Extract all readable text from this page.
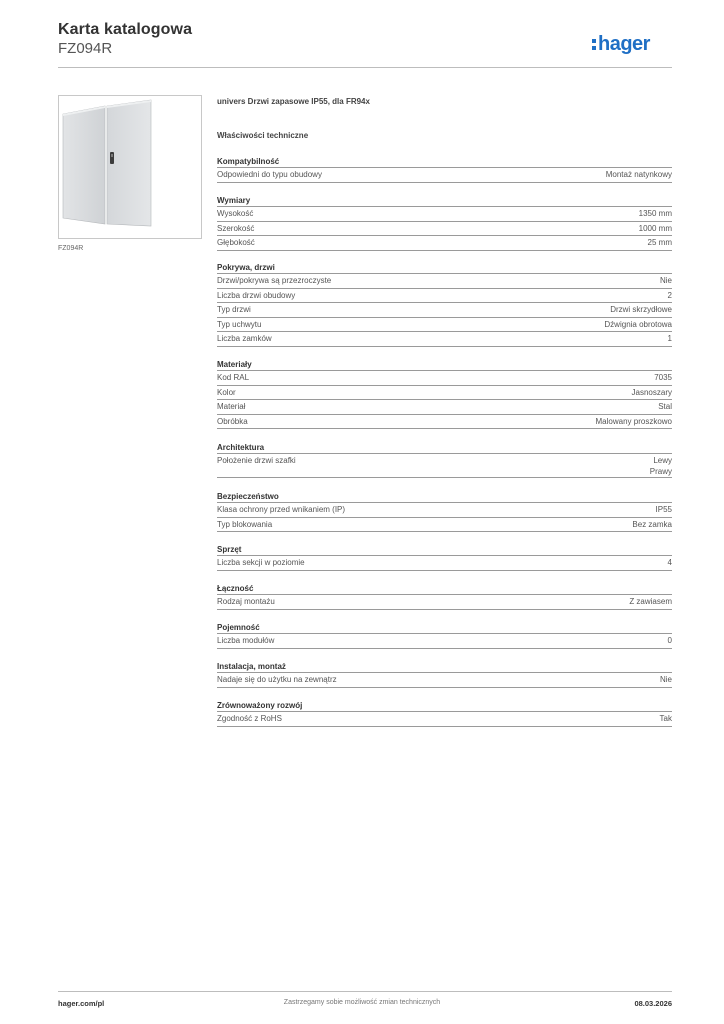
Karta katalogowa
FZ094R	hager
FZ094R
univers Drzwi zapasowe IP55, dla FR94x
Właściwości techniczne
Kompatybilność
Odpowiedni do typu obudowy	Montaż natynkowy
Wymiary
Wysokość	1350 mm
Szerokość	1000 mm
Głębokość	25 mm
Pokrywa, drzwi
Drzwi/pokrywa są przezroczyste	Nie
Liczba drzwi obudowy	2
Typ drzwi	Drzwi skrzydłowe
Typ uchwytu	Dźwignia obrotowa
Liczba zamków	1
Materiały
Kod RAL	7035
Kolor	Jasnoszary
Materiał	Stal
Obróbka	Malowany proszkowo
Architektura
Położenie drzwi szafki	Lewy
Prawy
Bezpieczeństwo
Klasa ochrony przed wnikaniem (IP)	IP55
Typ blokowania	Bez zamka
Sprzęt
Liczba sekcji w poziomie	4
Łączność
Rodzaj montażu	Z zawiasem
Pojemność
Liczba modułów	0
Instalacja, montaż
Nadaje się do użytku na zewnątrz	Nie
Zrównoważony rozwój
Zgodność z RoHS	Tak
Zastrzegamy sobie możliwość zmian technicznych
hager.com/pl	08.03.2026
